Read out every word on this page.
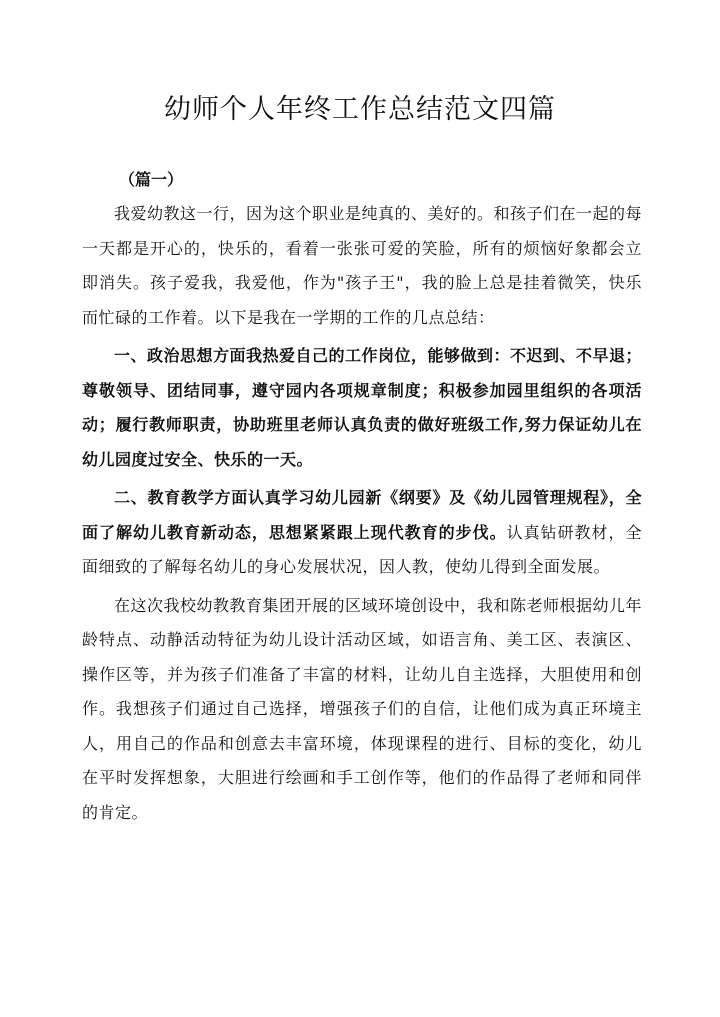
幼师个人年终工作总结范文四篇

（篇一）

我爱幼教这一行，因为这个职业是纯真的、美好的。和孩子们在一起的每一天都是开心的，快乐的，看着一张张可爱的笑脸，所有的烦恼好象都会立即消失。孩子爱我，我爱他，作为"孩子王"，我的脸上总是挂着微笑，快乐而忙碌的工作着。以下是我在一学期的工作的几点总结：

一、政治思想方面我热爱自己的工作岗位，能够做到：不迟到、不早退；尊敬领导、团结同事，遵守园内各项规章制度；积极参加园里组织的各项活动；履行教师职责，协助班里老师认真负责的做好班级工作,努力保证幼儿在幼儿园度过安全、快乐的一天。

二、教育教学方面认真学习幼儿园新《纲要》及《幼儿园管理规程》，全面了解幼儿教育新动态，思想紧紧跟上现代教育的步伐。认真钻研教材，全面细致的了解每名幼儿的身心发展状况，因人教，使幼儿得到全面发展。

在这次我校幼教教育集团开展的区域环境创设中，我和陈老师根据幼儿年龄特点、动静活动特征为幼儿设计活动区域，如语言角、美工区、表演区、操作区等，并为孩子们准备了丰富的材料，让幼儿自主选择，大胆使用和创作。我想孩子们通过自己选择，增强孩子们的自信，让他们成为真正环境主人，用自己的作品和创意去丰富环境，体现课程的进行、目标的变化，幼儿在平时发挥想象，大胆进行绘画和手工创作等，他们的作品得了老师和同伴的肯定。
